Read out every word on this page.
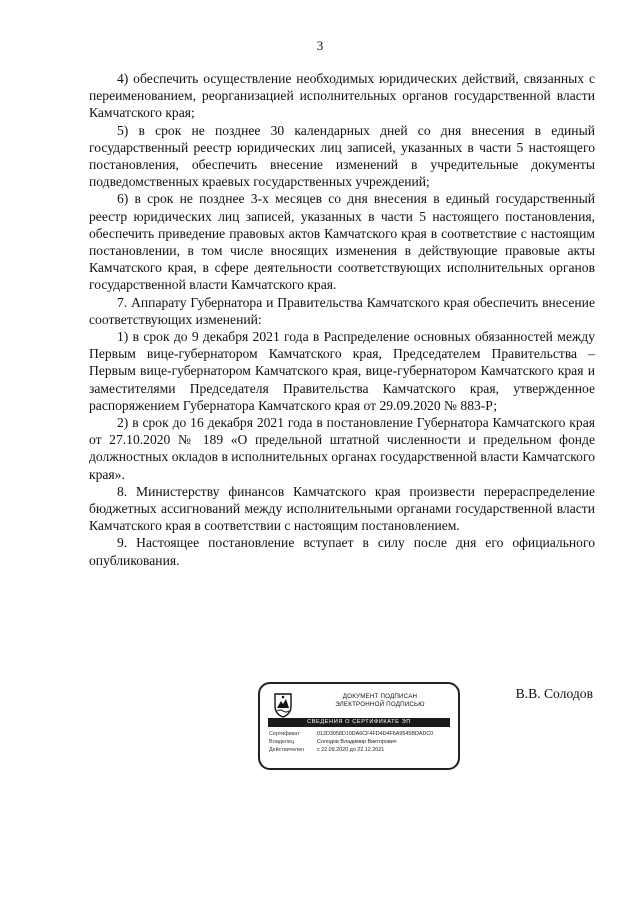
3

4) обеспечить осуществление необходимых юридических действий, связанных с переименованием, реорганизацией исполнительных органов государственной власти Камчатского края;

5) в срок не позднее 30 календарных дней со дня внесения в единый государственный реестр юридических лиц записей, указанных в части 5 настоящего постановления, обеспечить внесение изменений в учредительные документы подведомственных краевых государственных учреждений;

6) в срок не позднее 3-х месяцев со дня внесения в единый государственный реестр юридических лиц записей, указанных в части 5 настоящего постановления, обеспечить приведение правовых актов Камчатского края в соответствие с настоящим постановлении, в том числе вносящих изменения в действующие правовые акты Камчатского края, в сфере деятельности соответствующих исполнительных органов государственной власти Камчатского края.

7. Аппарату Губернатора и Правительства Камчатского края обеспечить внесение соответствующих изменений:

1) в срок до 9 декабря 2021 года в Распределение основных обязанностей между Первым вице-губернатором Камчатского края, Председателем Правительства – Первым вице-губернатором Камчатского края, вице-губернатором Камчатского края и заместителями Председателя Правительства Камчатского края, утвержденное распоряжением Губернатора Камчатского края от 29.09.2020 № 883-Р;

2) в срок до 16 декабря 2021 года в постановление Губернатора Камчатского края от 27.10.2020 № 189 «О предельной штатной численности и предельном фонде должностных окладов в исполнительных органах государственной власти Камчатского края».

8. Министерству финансов Камчатского края произвести перераспределение бюджетных ассигнований между исполнительными органами государственной власти Камчатского края в соответствии с настоящим постановлением.

9. Настоящее постановление вступает в силу после дня его официального опубликования.

ДОКУМЕНТ ПОДПИСАН
ЭЛЕКТРОННОЙ ПОДПИСЬЮ
СВЕДЕНИЯ О СЕРТИФИКАТЕ ЭП
Сертификат	012D3058D10DA6CF4FD4D4F6A9545BDADC0
Владелец	Солодов Владимир Викторович
Действителен	с 22.09.2020 до 22.12.2021
В.В. Солодов
